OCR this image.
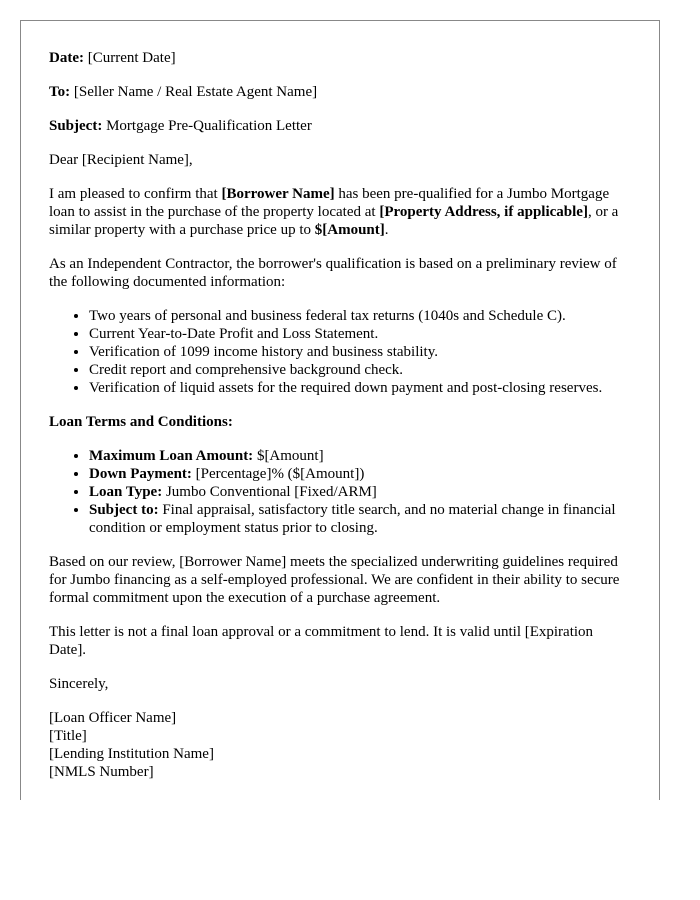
Date: [Current Date]

To: [Seller Name / Real Estate Agent Name]

Subject: Mortgage Pre-Qualification Letter

Dear [Recipient Name],

I am pleased to confirm that [Borrower Name] has been pre-qualified for a Jumbo Mortgage loan to assist in the purchase of the property located at [Property Address, if applicable], or a similar property with a purchase price up to $[Amount].

As an Independent Contractor, the borrower's qualification is based on a preliminary review of the following documented information:

• Two years of personal and business federal tax returns (1040s and Schedule C).
• Current Year-to-Date Profit and Loss Statement.
• Verification of 1099 income history and business stability.
• Credit report and comprehensive background check.
• Verification of liquid assets for the required down payment and post-closing reserves.

Loan Terms and Conditions:

• Maximum Loan Amount: $[Amount]
• Down Payment: [Percentage]% ($[Amount])
• Loan Type: Jumbo Conventional [Fixed/ARM]
• Subject to: Final appraisal, satisfactory title search, and no material change in financial condition or employment status prior to closing.

Based on our review, [Borrower Name] meets the specialized underwriting guidelines required for Jumbo financing as a self-employed professional. We are confident in their ability to secure formal commitment upon the execution of a purchase agreement.

This letter is not a final loan approval or a commitment to lend. It is valid until [Expiration Date].

Sincerely,

[Loan Officer Name]

[Title]

[Lending Institution Name]

[NMLS Number]
